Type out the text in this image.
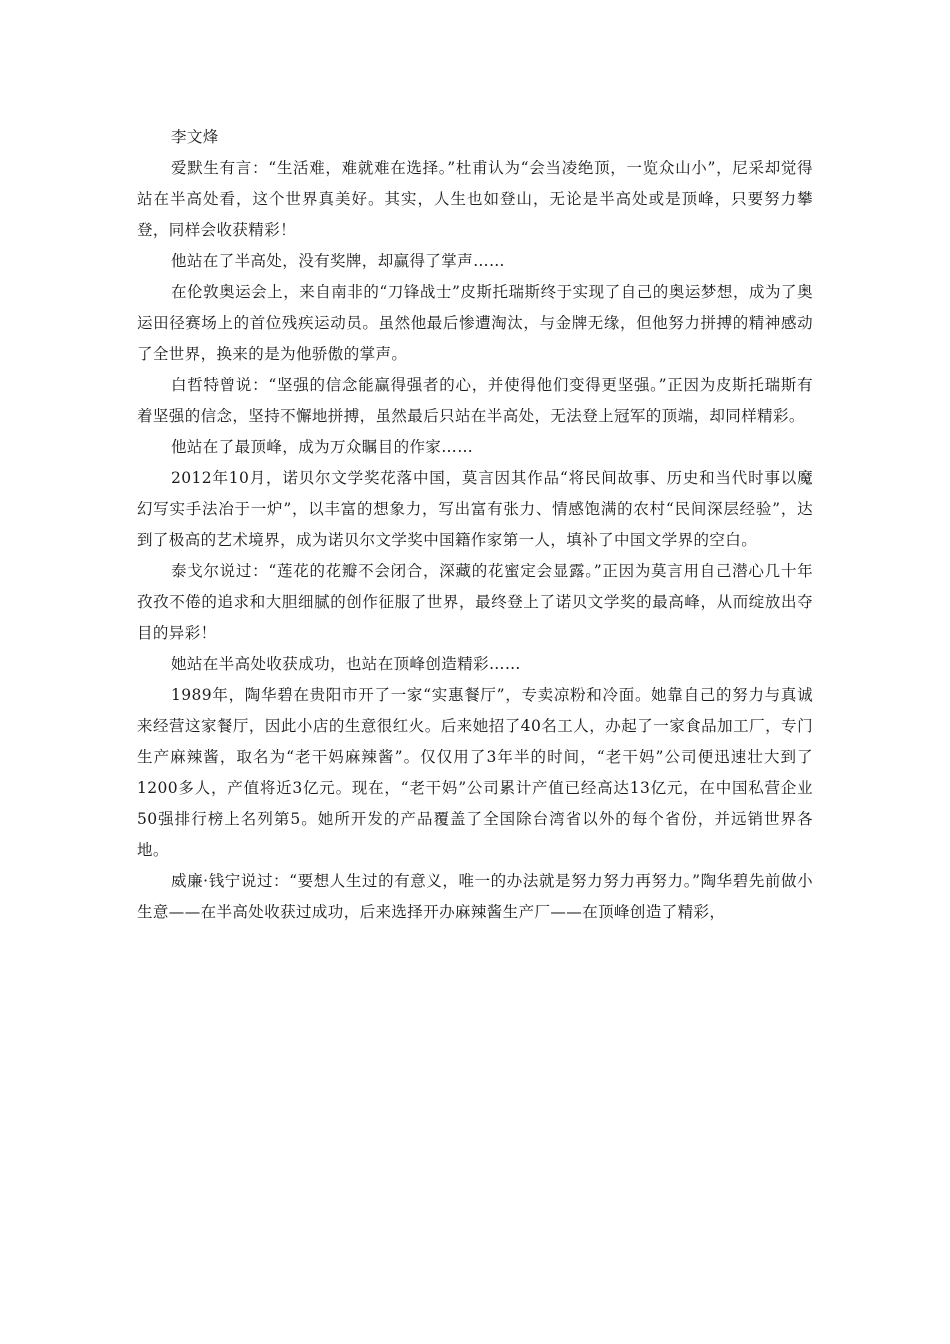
李文烽

爱默生有言：“生活难，难就难在选择。”杜甫认为“会当凌绝顶，一览众山小”，尼采却觉得站在半高处看，这个世界真美好。其实，人生也如登山，无论是半高处或是顶峰，只要努力攀登，同样会收获精彩！

他站在了半高处，没有奖牌，却赢得了掌声……

在伦敦奥运会上，来自南非的“刀锋战士”皮斯托瑞斯终于实现了自己的奥运梦想，成为了奥运田径赛场上的首位残疾运动员。虽然他最后惨遭淘汰，与金牌无缘，但他努力拼搏的精神感动了全世界，换来的是为他骄傲的掌声。

白哲特曾说：“坚强的信念能赢得强者的心，并使得他们变得更坚强。”正因为皮斯托瑞斯有着坚强的信念，坚持不懈地拼搏，虽然最后只站在半高处，无法登上冠军的顶端，却同样精彩。

他站在了最顶峰，成为万众瞩目的作家……

2012年10月，诺贝尔文学奖花落中国，莫言因其作品“将民间故事、历史和当代时事以魔幻写实手法冶于一炉”，以丰富的想象力，写出富有张力、情感饱满的农村“民间深层经验”，达到了极高的艺术境界，成为诺贝尔文学奖中国籍作家第一人，填补了中国文学界的空白。

泰戈尔说过：“莲花的花瓣不会闭合，深藏的花蜜定会显露。”正因为莫言用自己潜心几十年孜孜不倦的追求和大胆细腻的创作征服了世界，最终登上了诺贝文学奖的最高峰，从而绽放出夺目的异彩！

她站在半高处收获成功，也站在顶峰创造精彩……

1989年，陶华碧在贵阳市开了一家“实惠餐厅”，专卖凉粉和冷面。她靠自己的努力与真诚来经营这家餐厅，因此小店的生意很红火。后来她招了40名工人，办起了一家食品加工厂，专门生产麻辣酱，取名为“老干妈麻辣酱”。仅仅用了3年半的时间，“老干妈”公司便迅速壮大到了1200多人，产值将近3亿元。现在，“老干妈”公司累计产值已经高达13亿元，在中国私营企业50强排行榜上名列第5。她所开发的产品覆盖了全国除台湾省以外的每个省份，并远销世界各地。

威廉·钱宁说过：“要想人生过的有意义，唯一的办法就是努力努力再努力。”陶华碧先前做小生意——在半高处收获过成功，后来选择开办麻辣酱生产厂——在顶峰创造了精彩，
